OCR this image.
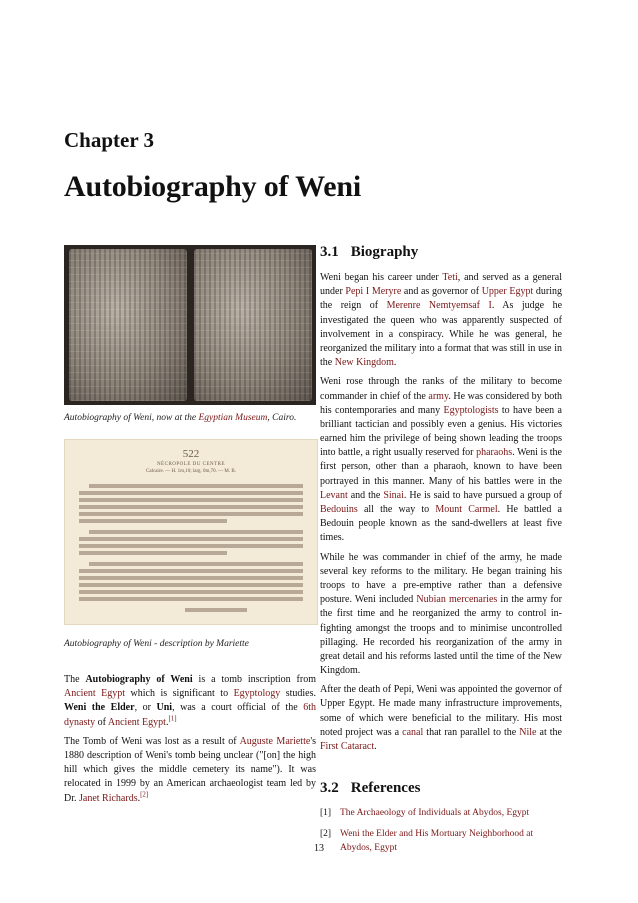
Chapter 3
Autobiography of Weni
Autobiography of Weni, now at the Egyptian Museum, Cairo.
522
NÉCROPOLE DU CENTRE
Calcaire. — H. 1m,10; larg. 0m,70. — M. B.
Autobiography of Weni - description by Mariette

The Autobiography of Weni is a tomb inscription from Ancient Egypt which is significant to Egyptology studies. Weni the Elder, or Uni, was a court official of the 6th dynasty of Ancient Egypt.[1]

The Tomb of Weni was lost as a result of Auguste Mariette's 1880 description of Weni's tomb being unclear ("[on] the high hill which gives the middle cemetery its name"). It was relocated in 1999 by an American archaeologist team led by Dr. Janet Richards.[2]

3.1 Biography

Weni began his career under Teti, and served as a general under Pepi I Meryre and as governor of Upper Egypt during the reign of Merenre Nemtyemsaf I. As judge he investigated the queen who was apparently suspected of involvement in a conspiracy. While he was general, he reorganized the military into a format that was still in use in the New Kingdom.

Weni rose through the ranks of the military to become commander in chief of the army. He was considered by both his contemporaries and many Egyptologists to have been a brilliant tactician and possibly even a genius. His victories earned him the privilege of being shown leading the troops into battle, a right usually reserved for pharaohs. Weni is the first person, other than a pharaoh, known to have been portrayed in this manner. Many of his battles were in the Levant and the Sinai. He is said to have pursued a group of Bedouins all the way to Mount Carmel. He battled a Bedouin people known as the sand-dwellers at least five times.

While he was commander in chief of the army, he made several key reforms to the military. He began training his troops to have a pre-emptive rather than a defensive posture. Weni included Nubian mercenaries in the army for the first time and he reorganized the army to control in-fighting amongst the troops and to minimise uncontrolled pillaging. He recorded his reorganization of the army in great detail and his reforms lasted until the time of the New Kingdom.

After the death of Pepi, Weni was appointed the governor of Upper Egypt. He made many infrastructure improvements, some of which were beneficial to the military. His most noted project was a canal that ran parallel to the Nile at the First Cataract.

3.2 References
[1] The Archaeology of Individuals at Abydos, Egypt
[2] Weni the Elder and His Mortuary Neighborhood at Abydos, Egypt
13
